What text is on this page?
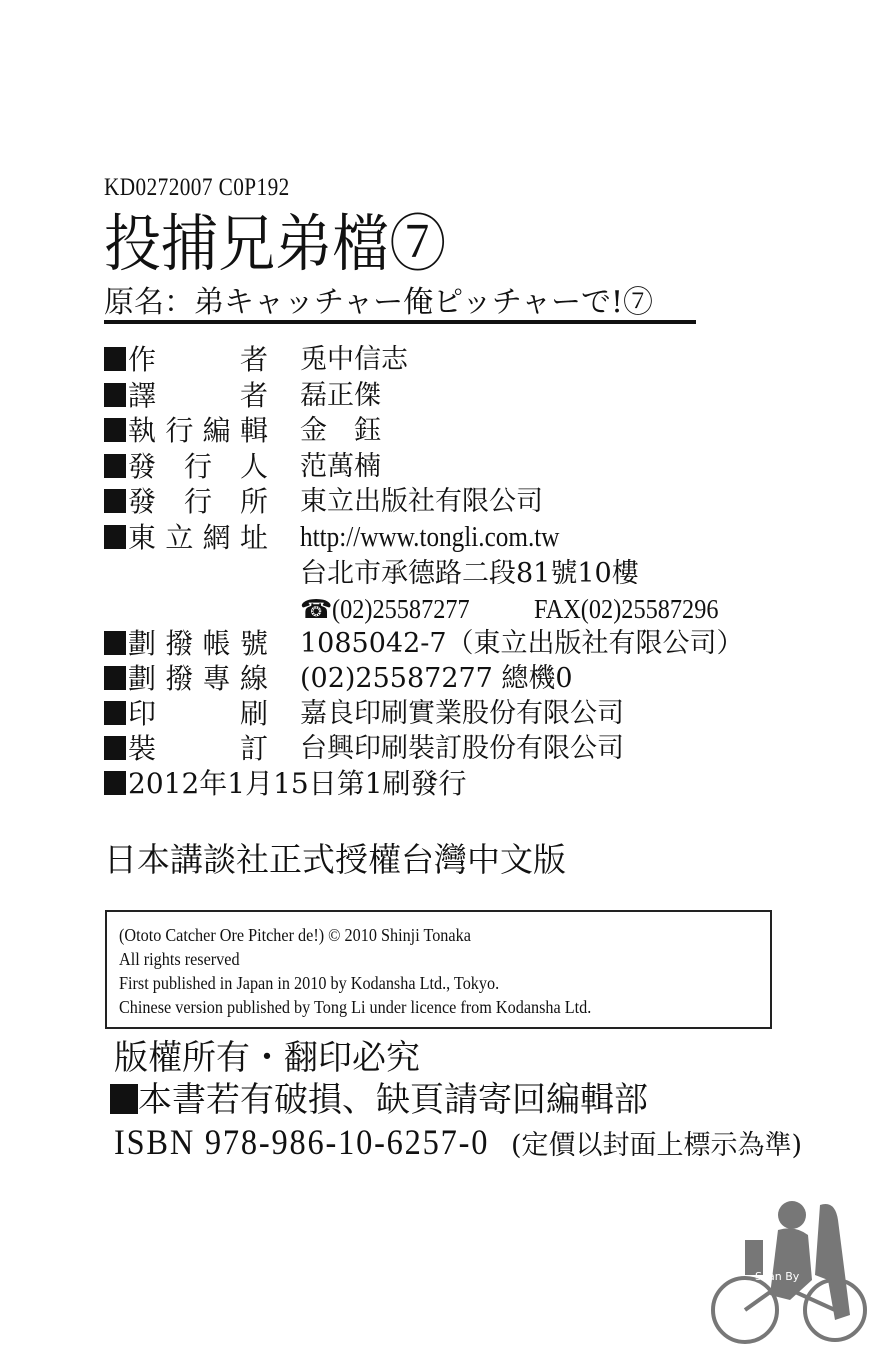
KD0272007 C0P192
投捕兄弟檔⑦
原名：弟キャッチャー俺ピッチャーで!⑦
作　者 兎中信志
譯　者 磊正傑
執行編輯 金　鈺
發行人 范萬楠
發行所 東立出版社有限公司
東立網址 http://www.tongli.com.tw
台北市承德路二段81號10樓
☎(02)25587277 FAX(02)25587296
劃撥帳號 1085042-7（東立出版社有限公司）
劃撥專線 (02)25587277 總機0
印　刷 嘉良印刷實業股份有限公司
裝　訂 台興印刷裝訂股份有限公司
2012年1月15日第1刷發行
日本講談社正式授權台灣中文版
(Ototo Catcher Ore Pitcher de!) © 2010 Shinji Tonaka
All rights reserved
First published in Japan in 2010 by Kodansha Ltd., Tokyo.
Chinese version published by Tong Li under licence from Kodansha Ltd.
版權所有・翻印必究
本書若有破損、缺頁請寄回編輯部
ISBN 978-986-10-6257-0 (定價以封面上標示為準)
Scan By
